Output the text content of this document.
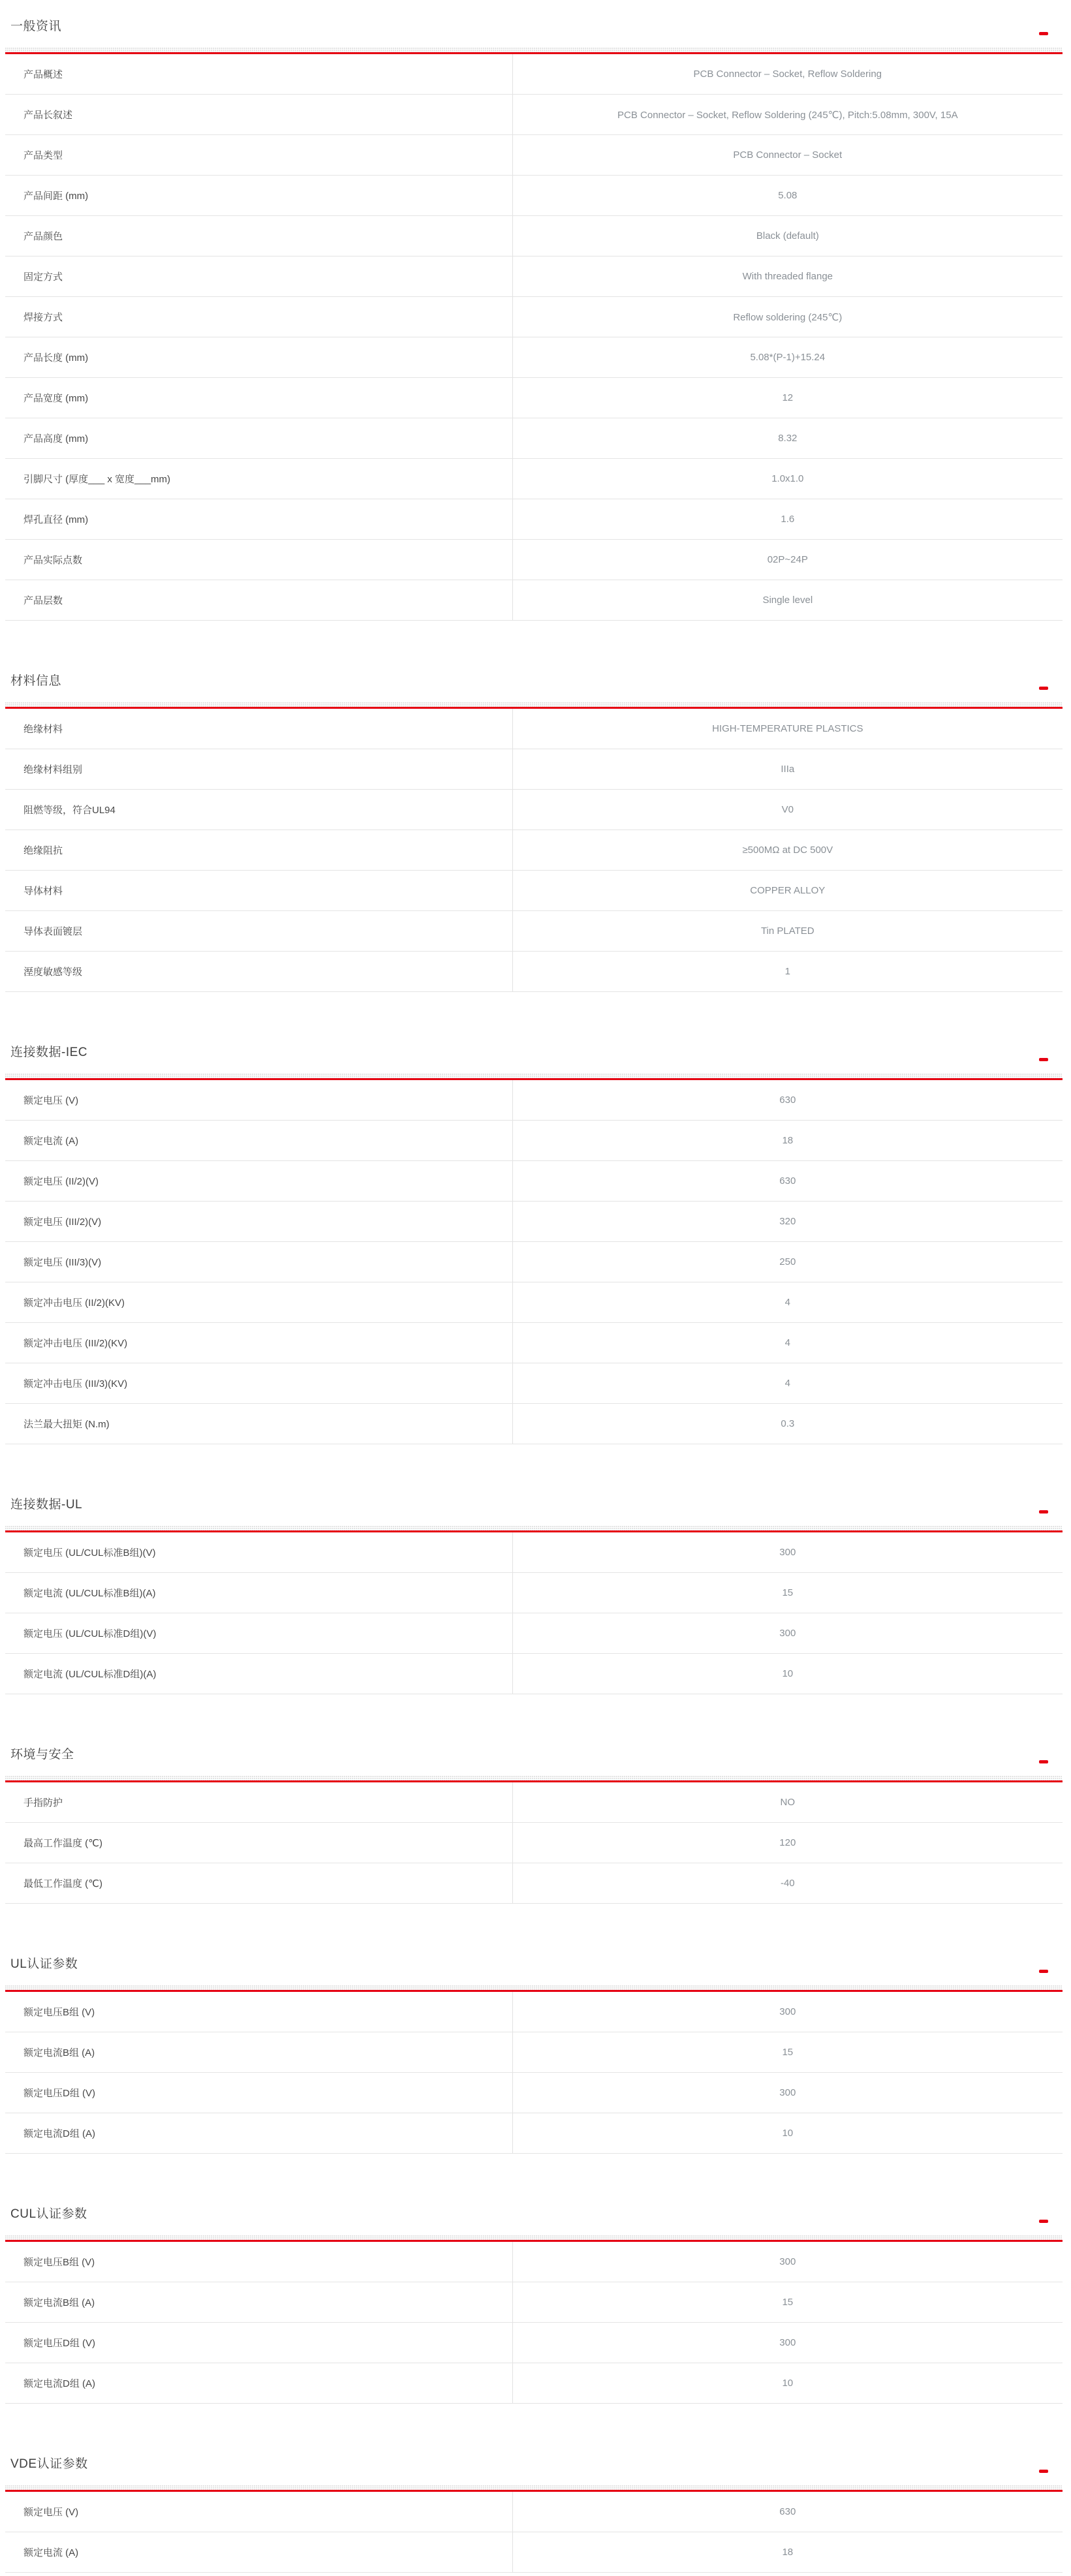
一般资讯
产品概述	PCB Connector – Socket, Reflow Soldering
产品长叙述	PCB Connector – Socket, Reflow Soldering (245℃), Pitch:5.08mm, 300V, 15A
产品类型	PCB Connector – Socket
产品间距 (mm)	5.08
产品颜色	Black (default)
固定方式	With threaded flange
焊接方式	Reflow soldering (245℃)
产品长度 (mm)	5.08*(P-1)+15.24
产品宽度 (mm)	12
产品高度 (mm)	8.32
引脚尺寸 (厚度___ x 宽度___mm)	1.0x1.0
焊孔直径 (mm)	1.6
产品实际点数	02P~24P
产品层数	Single level
材料信息
绝缘材料	HIGH-TEMPERATURE PLASTICS
绝缘材料组别	IIIa
阻燃等级，符合UL94	V0
绝缘阻抗	≥500MΩ at DC 500V
导体材料	COPPER ALLOY
导体表面镀层	Tin PLATED
溼度敏感等级	1
连接数据-IEC
额定电压 (V)	630
额定电流 (A)	18
额定电压 (II/2)(V)	630
额定电压 (III/2)(V)	320
额定电压 (III/3)(V)	250
额定冲击电压 (II/2)(KV)	4
额定冲击电压 (III/2)(KV)	4
额定冲击电压 (III/3)(KV)	4
法兰最大扭矩 (N.m)	0.3
连接数据-UL
额定电压 (UL/CUL标准B组)(V)	300
额定电流 (UL/CUL标准B组)(A)	15
额定电压 (UL/CUL标准D组)(V)	300
额定电流 (UL/CUL标准D组)(A)	10
环境与安全
手指防护	NO
最高工作温度 (℃)	120
最低工作温度 (℃)	-40
UL认证参数
额定电压B组 (V)	300
额定电流B组 (A)	15
额定电压D组 (V)	300
额定电流D组 (A)	10
CUL认证参数
额定电压B组 (V)	300
额定电流B组 (A)	15
额定电压D组 (V)	300
额定电流D组 (A)	10
VDE认证参数
额定电压 (V)	630
额定电流 (A)	18
